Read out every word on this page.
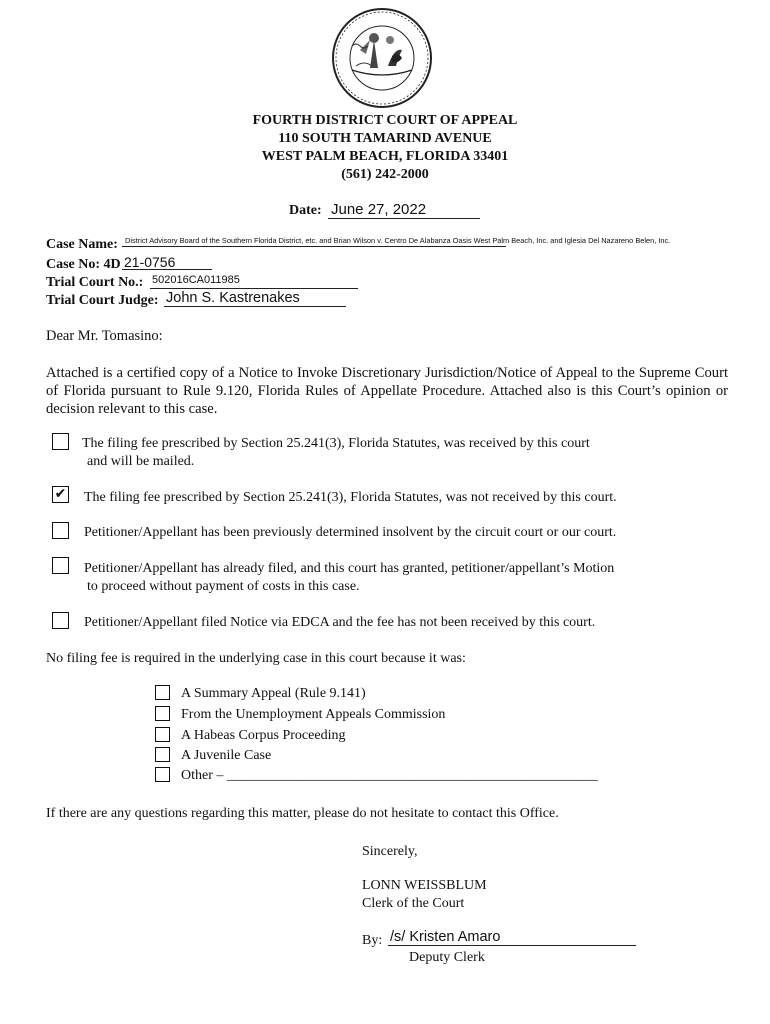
FOURTH DISTRICT COURT OF APPEAL
110 SOUTH TAMARIND AVENUE
WEST PALM BEACH, FLORIDA 33401
(561) 242-2000
Date: June 27, 2022
Case Name: District Advisory Board of the Southern Florida District, etc. and Brian Wilson v. Centro De Alabanza Oasis West Palm Beach, Inc. and Iglesia Del Nazareno Belen, Inc.
Case No: 4D 21-0756
Trial Court No.: 502016CA011985
Trial Court Judge: John S. Kastrenakes
Dear Mr. Tomasino:
Attached is a certified copy of a Notice to Invoke Discretionary Jurisdiction/Notice of Appeal to the Supreme Court of Florida pursuant to Rule 9.120, Florida Rules of Appellate Procedure. Attached also is this Court’s opinion or decision relevant to this case.
The filing fee prescribed by Section 25.241(3), Florida Statutes, was received by this court
and will be mailed.
✔ The filing fee prescribed by Section 25.241(3), Florida Statutes, was not received by this court.
Petitioner/Appellant has been previously determined insolvent by the circuit court or our court.
Petitioner/Appellant has already filed, and this court has granted, petitioner/appellant’s Motion
to proceed without payment of costs in this case.
Petitioner/Appellant filed Notice via EDCA and the fee has not been received by this court.
No filing fee is required in the underlying case in this court because it was:
A Summary Appeal (Rule 9.141)
From the Unemployment Appeals Commission
A Habeas Corpus Proceeding
A Juvenile Case
Other – _____________________________________________________
If there are any questions regarding this matter, please do not hesitate to contact this Office.
Sincerely,
LONN WEISSBLUM
Clerk of the Court
By: /s/ Kristen Amaro
Deputy Clerk
